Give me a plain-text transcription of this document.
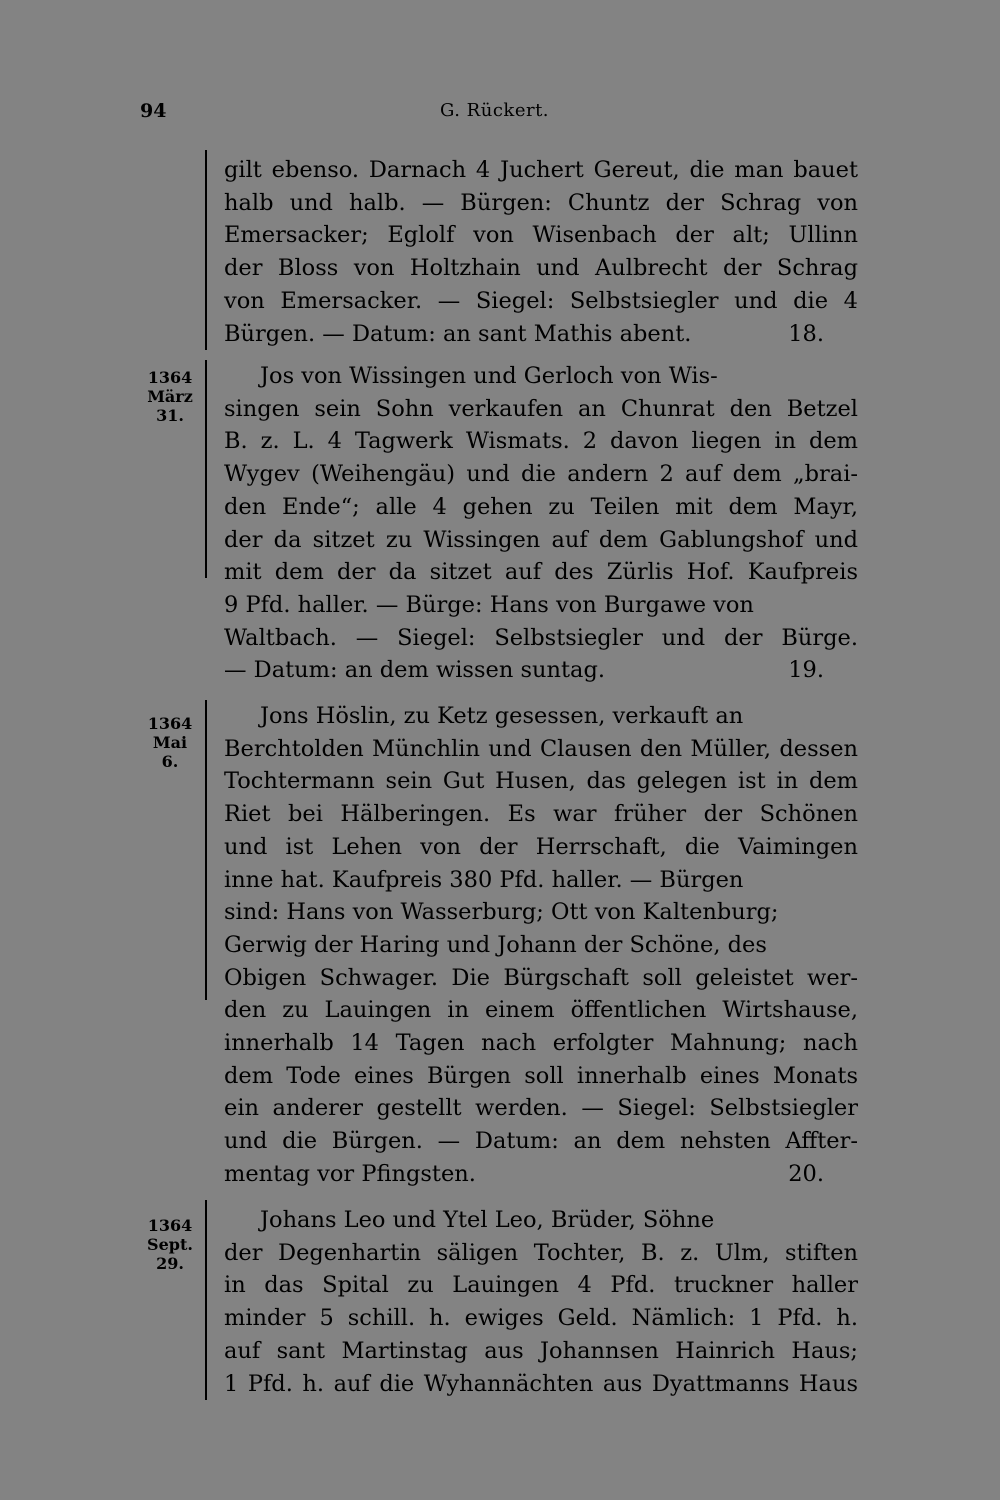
94	G. Rückert.
1364
März
31.
1364
Mai
6.
1364
Sept.
29.
gilt ebenso. Darnach 4 Juchert Gereut, die man bauet
halb und halb. — Bürgen: Chuntz der Schrag von
Emersacker; Eglolf von Wisenbach der alt; Ullinn
der Bloss von Holtzhain und Aulbrecht der Schrag
von Emersacker. — Siegel: Selbstsiegler und die 4
Bürgen. — Datum: an sant Mathis abent.	18.
Jos von Wissingen und Gerloch von Wis-
singen sein Sohn verkaufen an Chunrat den Betzel
B. z. L. 4 Tagwerk Wismats. 2 davon liegen in dem
Wygev (Weihengäu) und die andern 2 auf dem „brai-
den Ende“; alle 4 gehen zu Teilen mit dem Mayr,
der da sitzet zu Wissingen auf dem Gablungshof und
mit dem der da sitzet auf des Zürlis Hof. Kaufpreis
9 Pfd. haller. — Bürge: Hans von Burgawe von
Waltbach. — Siegel: Selbstsiegler und der Bürge.
— Datum: an dem wissen suntag.	19.
Jons Höslin, zu Ketz gesessen, verkauft an
Berchtolden Münchlin und Clausen den Müller, dessen
Tochtermann sein Gut Husen, das gelegen ist in dem
Riet bei Hälberingen. Es war früher der Schönen
und ist Lehen von der Herrschaft, die Vaimingen
inne hat. Kaufpreis 380 Pfd. haller. — Bürgen
sind: Hans von Wasserburg; Ott von Kaltenburg;
Gerwig der Haring und Johann der Schöne, des
Obigen Schwager. Die Bürgschaft soll geleistet wer-
den zu Lauingen in einem öffentlichen Wirtshause,
innerhalb 14 Tagen nach erfolgter Mahnung; nach
dem Tode eines Bürgen soll innerhalb eines Monats
ein anderer gestellt werden. — Siegel: Selbstsiegler
und die Bürgen. — Datum: an dem nehsten Affter-
mentag vor Pfingsten.	20.
Johans Leo und Ytel Leo, Brüder, Söhne
der Degenhartin säligen Tochter, B. z. Ulm, stiften
in das Spital zu Lauingen 4 Pfd. truckner haller
minder 5 schill. h. ewiges Geld. Nämlich: 1 Pfd. h.
auf sant Martinstag aus Johannsen Hainrich Haus;
1 Pfd. h. auf die Wyhannächten aus Dyattmanns Haus
